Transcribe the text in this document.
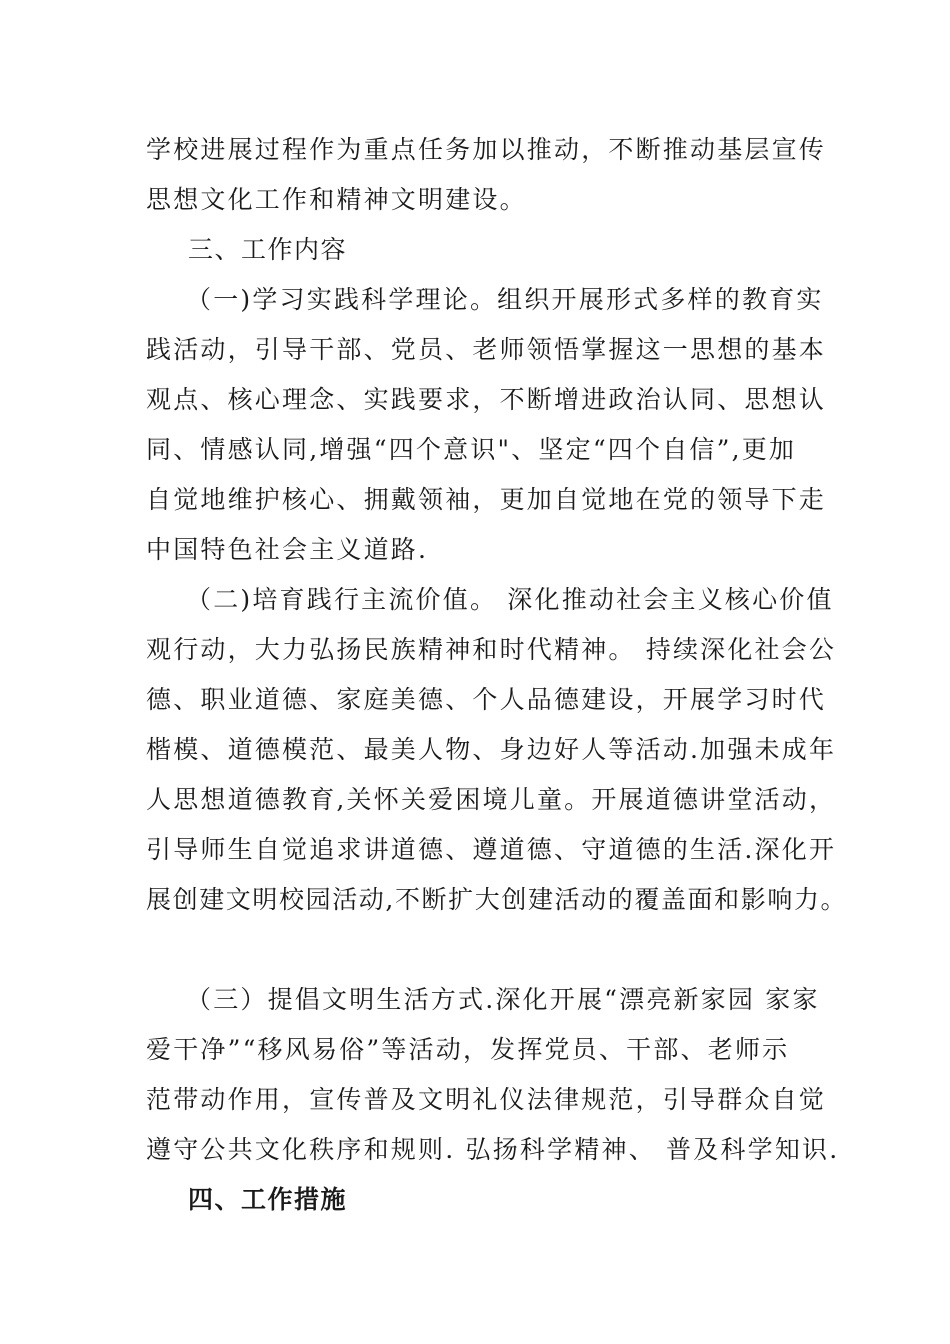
学校进展过程作为重点任务加以推动，不断推动基层宣传
思想文化工作和精神文明建设。
三、工作内容
（一)学习实践科学理论。组织开展形式多样的教育实
践活动，引导干部、党员、老师领悟掌握这一思想的基本
观点、核心理念、实践要求，不断增进政治认同、思想认
同、情感认同,增强“四个意识"、坚定“四个自信”,更加
自觉地维护核心、拥戴领袖，更加自觉地在党的领导下走
中国特色社会主义道路.
（二)培育践行主流价值。 深化推动社会主义核心价值
观行动，大力弘扬民族精神和时代精神。 持续深化社会公
德、职业道德、家庭美德、个人品德建设，开展学习时代
楷模、道德模范、最美人物、身边好人等活动.加强未成年
人思想道德教育,关怀关爱困境儿童。开展道德讲堂活动，
引导师生自觉追求讲道德、遵道德、守道德的生活.深化开
展创建文明校园活动,不断扩大创建活动的覆盖面和影响力。
（三）提倡文明生活方式.深化开展“漂亮新家园 家家
爱干净”“移风易俗”等活动，发挥党员、干部、老师示
范带动作用，宣传普及文明礼仪法律规范，引导群众自觉
遵守公共文化秩序和规则. 弘扬科学精神、 普及科学知识.
四、工作措施
